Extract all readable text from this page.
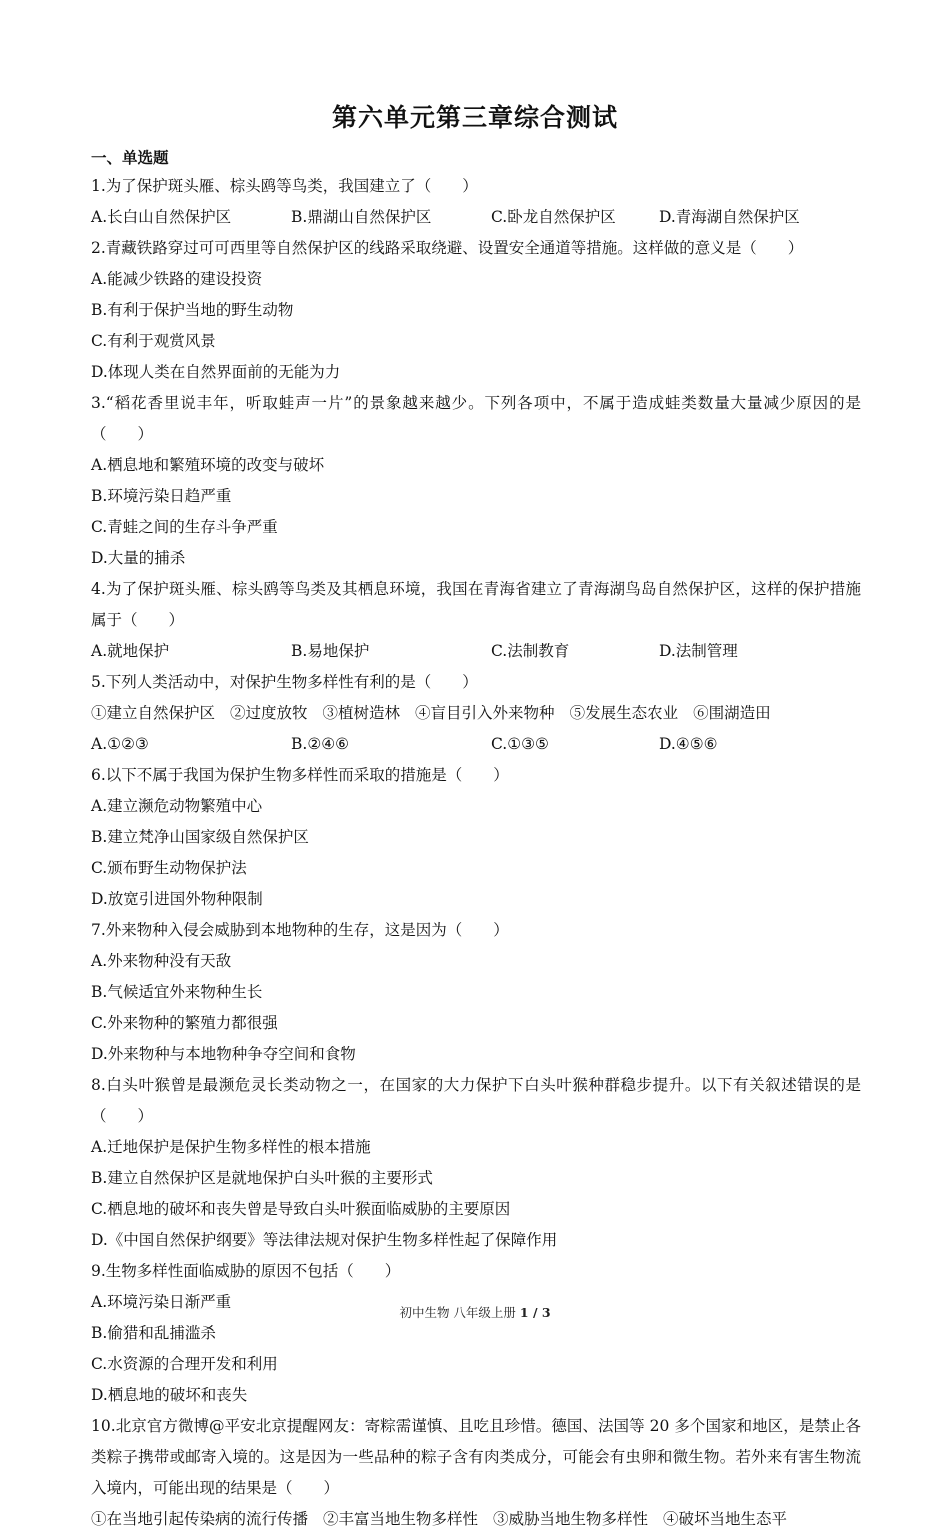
第六单元第三章综合测试
一、单选题
1.为了保护斑头雁、棕头鸥等鸟类，我国建立了（　　）
A.长白山自然保护区	B.鼎湖山自然保护区	C.卧龙自然保护区	D.青海湖自然保护区
2.青藏铁路穿过可可西里等自然保护区的线路采取绕避、设置安全通道等措施。这样做的意义是（　　）
A.能减少铁路的建设投资
B.有利于保护当地的野生动物
C.有利于观赏风景
D.体现人类在自然界面前的无能为力
3.“稻花香里说丰年，听取蛙声一片”的景象越来越少。下列各项中，不属于造成蛙类数量大量减少原因的是（　　）
A.栖息地和繁殖环境的改变与破坏
B.环境污染日趋严重
C.青蛙之间的生存斗争严重
D.大量的捕杀
4.为了保护斑头雁、棕头鸥等鸟类及其栖息环境，我国在青海省建立了青海湖鸟岛自然保护区，这样的保护措施属于（　　）
A.就地保护	B.易地保护	C.法制教育	D.法制管理
5.下列人类活动中，对保护生物多样性有利的是（　　）
①建立自然保护区 ②过度放牧 ③植树造林 ④盲目引入外来物种 ⑤发展生态农业 ⑥围湖造田
A.①②③	B.②④⑥	C.①③⑤	D.④⑤⑥
6.以下不属于我国为保护生物多样性而采取的措施是（　　）
A.建立濒危动物繁殖中心
B.建立梵净山国家级自然保护区
C.颁布野生动物保护法
D.放宽引进国外物种限制
7.外来物种入侵会威胁到本地物种的生存，这是因为（　　）
A.外来物种没有天敌
B.气候适宜外来物种生长
C.外来物种的繁殖力都很强
D.外来物种与本地物种争夺空间和食物
8.白头叶猴曾是最濒危灵长类动物之一，在国家的大力保护下白头叶猴种群稳步提升。以下有关叙述错误的是（　　）
A.迁地保护是保护生物多样性的根本措施
B.建立自然保护区是就地保护白头叶猴的主要形式
C.栖息地的破坏和丧失曾是导致白头叶猴面临威胁的主要原因
D.《中国自然保护纲要》等法律法规对保护生物多样性起了保障作用
9.生物多样性面临威胁的原因不包括（　　）
A.环境污染日渐严重
B.偷猎和乱捕滥杀
C.水资源的合理开发和利用
D.栖息地的破坏和丧失
10.北京官方微博@平安北京提醒网友：寄粽需谨慎、且吃且珍惜。德国、法国等 20 多个国家和地区，是禁止各类粽子携带或邮寄入境的。这是因为一些品种的粽子含有肉类成分，可能会有虫卵和微生物。若外来有害生物流入境内，可能出现的结果是（　　）
①在当地引起传染病的流行传播 ②丰富当地生物多样性 ③威胁当地生物多样性 ④破坏当地生态平
初中生物 八年级上册 1 / 3
